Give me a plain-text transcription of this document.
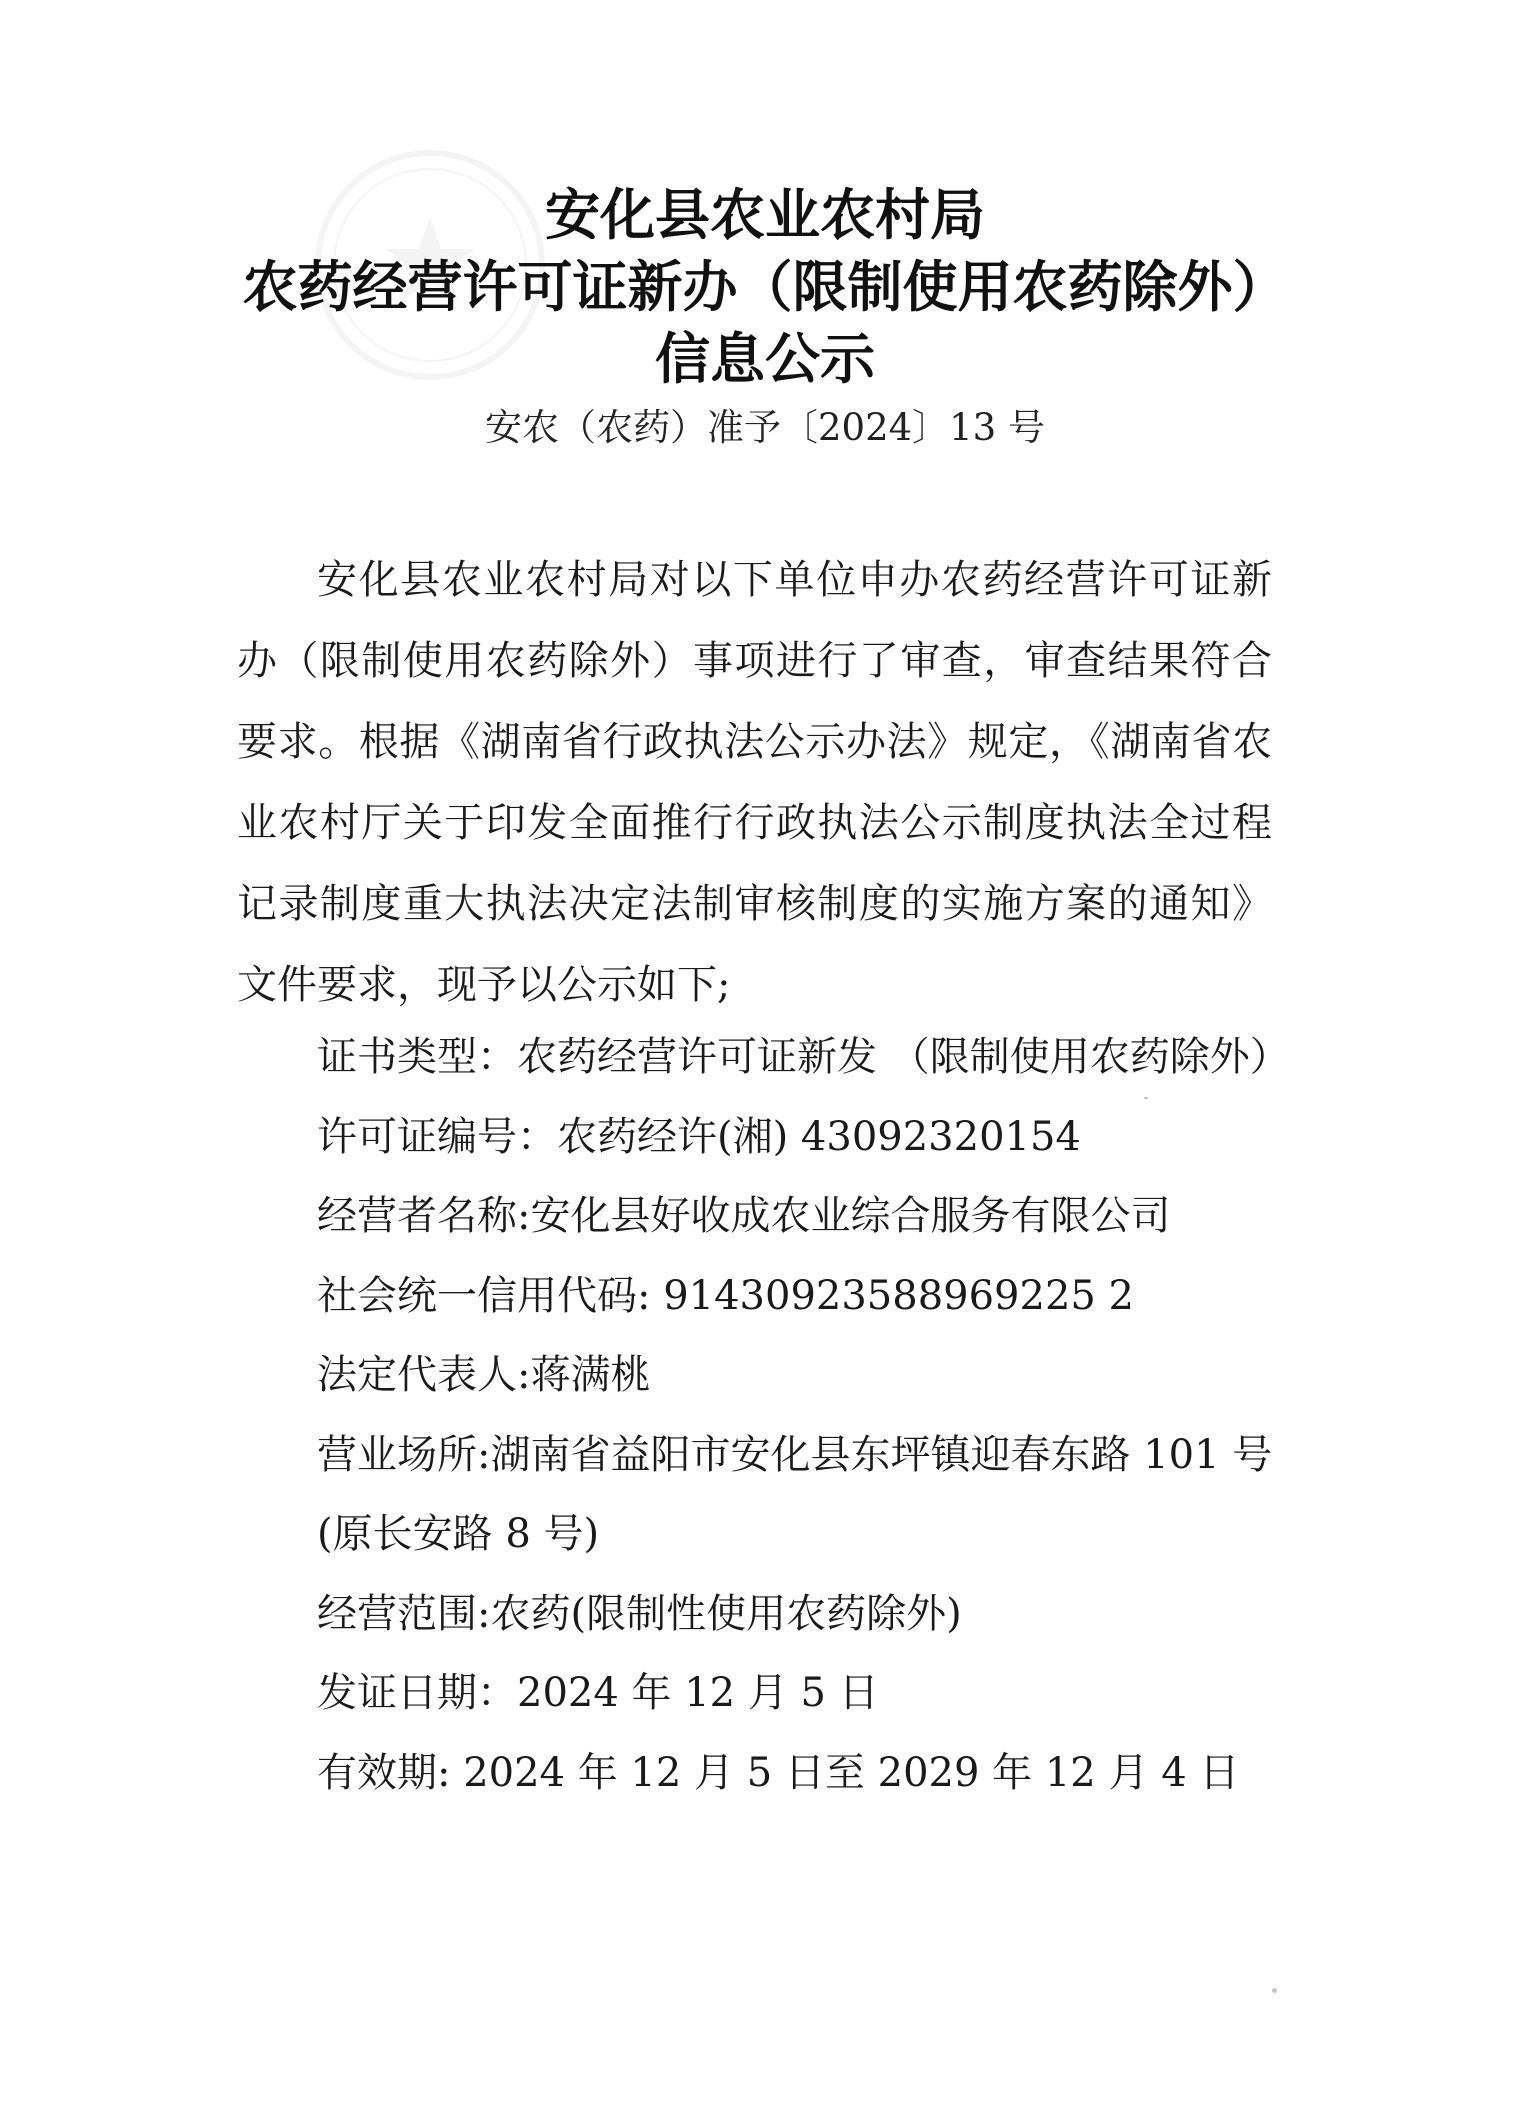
安化县农业农村局
农药经营许可证新办（限制使用农药除外）
信息公示
安农（农药）准予〔2024〕13 号

安化县农业农村局对以下单位申办农药经营许可证新办（限制使用农药除外）事项进行了审查，审查结果符合要求。根据《湖南省行政执法公示办法》规定，《湖南省农业农村厅关于印发全面推行行政执法公示制度执法全过程记录制度重大执法决定法制审核制度的实施方案的通知》文件要求，现予以公示如下;

证书类型：农药经营许可证新发 （限制使用农药除外）
许可证编号：农药经许(湘) 43092320154
经营者名称:安化县好收成农业综合服务有限公司
社会统一信用代码: 91430923588969225 2
法定代表人:蒋满桃
营业场所:湖南省益阳市安化县东坪镇迎春东路 101 号
(原长安路 8 号)
经营范围:农药(限制性使用农药除外)
发证日期：2024 年 12 月 5 日
有效期: 2024 年 12 月 5 日至 2029 年 12 月 4 日
